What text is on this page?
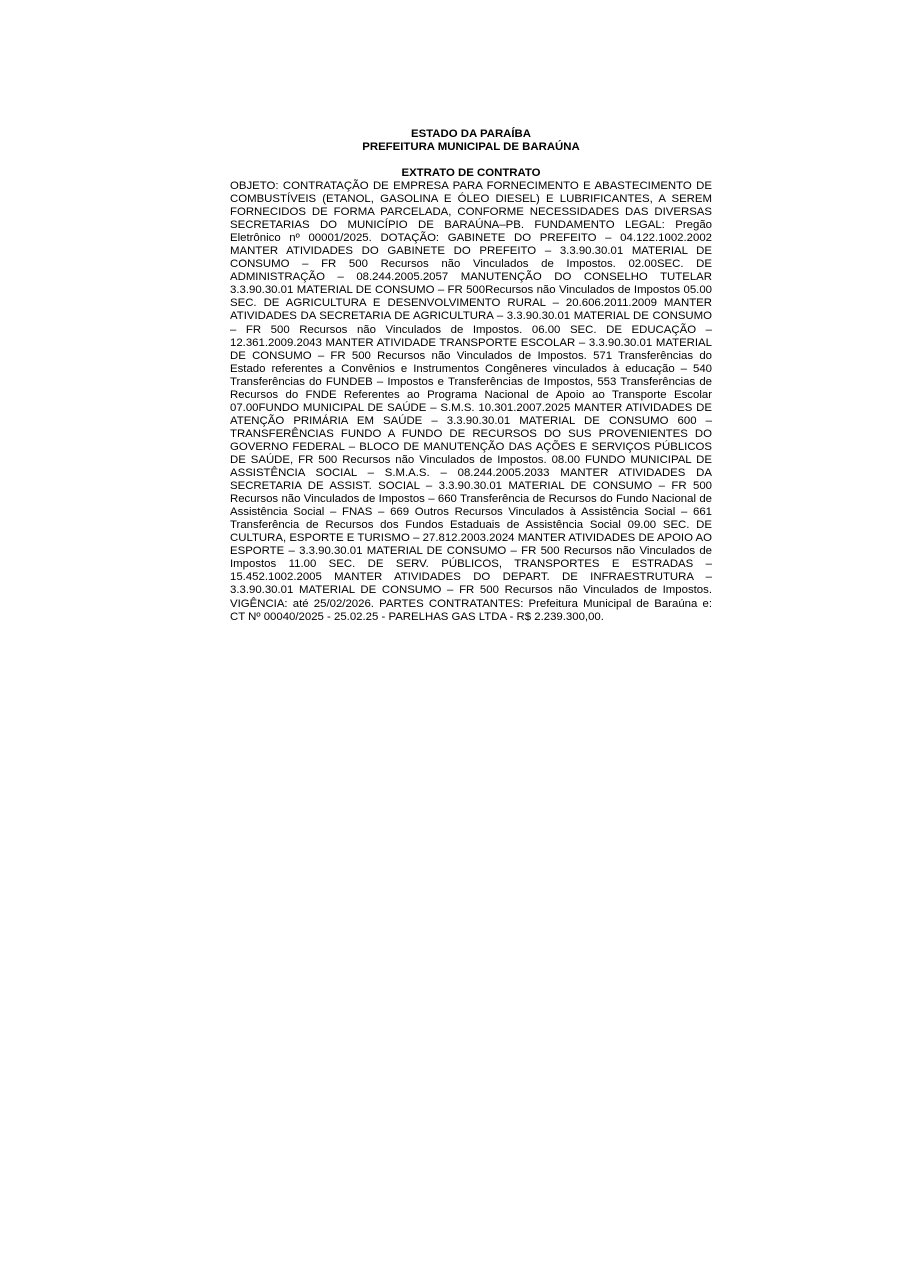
ESTADO DA PARAÍBA

PREFEITURA MUNICIPAL DE BARAÚNA

EXTRATO DE CONTRATO

OBJETO: CONTRATAÇÃO DE EMPRESA PARA FORNECIMENTO E ABASTECIMENTO DE COMBUSTÍVEIS (ETANOL, GASOLINA E ÓLEO DIESEL) E LUBRIFICANTES, A SEREM FORNECIDOS DE FORMA PARCELADA, CONFORME NECESSIDADES DAS DIVERSAS SECRETARIAS DO MUNICÍPIO DE BARAÚNA–PB. FUNDAMENTO LEGAL: Pregão Eletrônico nº 00001/2025. DOTAÇÃO: GABINETE DO PREFEITO – 04.122.1002.2002 MANTER ATIVIDADES DO GABINETE DO PREFEITO – 3.3.90.30.01 MATERIAL DE CONSUMO – FR 500 Recursos não Vinculados de Impostos. 02.00SEC. DE ADMINISTRAÇÃO – 08.244.2005.2057 MANUTENÇÃO DO CONSELHO TUTELAR 3.3.90.30.01 MATERIAL DE CONSUMO – FR 500Recursos não Vinculados de Impostos 05.00 SEC. DE AGRICULTURA E DESENVOLVIMENTO RURAL – 20.606.2011.2009 MANTER ATIVIDADES DA SECRETARIA DE AGRICULTURA – 3.3.90.30.01 MATERIAL DE CONSUMO – FR 500 Recursos não Vinculados de Impostos. 06.00 SEC. DE EDUCAÇÃO – 12.361.2009.2043 MANTER ATIVIDADE TRANSPORTE ESCOLAR – 3.3.90.30.01 MATERIAL DE CONSUMO – FR 500 Recursos não Vinculados de Impostos. 571 Transferências do Estado referentes a Convênios e Instrumentos Congêneres vinculados à educação – 540 Transferências do FUNDEB – Impostos e Transferências de Impostos, 553 Transferências de Recursos do FNDE Referentes ao Programa Nacional de Apoio ao Transporte Escolar 07.00FUNDO MUNICIPAL DE SAÚDE – S.M.S. 10.301.2007.2025 MANTER ATIVIDADES DE ATENÇÃO PRIMÁRIA EM SAÚDE – 3.3.90.30.01 MATERIAL DE CONSUMO 600 – TRANSFERÊNCIAS FUNDO A FUNDO DE RECURSOS DO SUS PROVENIENTES DO GOVERNO FEDERAL – BLOCO DE MANUTENÇÃO DAS AÇÕES E SERVIÇOS PÚBLICOS DE SAÚDE, FR 500 Recursos não Vinculados de Impostos. 08.00 FUNDO MUNICIPAL DE ASSISTÊNCIA SOCIAL – S.M.A.S. – 08.244.2005.2033 MANTER ATIVIDADES DA SECRETARIA DE ASSIST. SOCIAL – 3.3.90.30.01 MATERIAL DE CONSUMO – FR 500 Recursos não Vinculados de Impostos – 660 Transferência de Recursos do Fundo Nacional de Assistência Social – FNAS – 669 Outros Recursos Vinculados à Assistência Social – 661 Transferência de Recursos dos Fundos Estaduais de Assistência Social 09.00 SEC. DE CULTURA, ESPORTE E TURISMO – 27.812.2003.2024 MANTER ATIVIDADES DE APOIO AO ESPORTE – 3.3.90.30.01 MATERIAL DE CONSUMO – FR 500 Recursos não Vinculados de Impostos 11.00 SEC. DE SERV. PÚBLICOS, TRANSPORTES E ESTRADAS – 15.452.1002.2005 MANTER ATIVIDADES DO DEPART. DE INFRAESTRUTURA – 3.3.90.30.01 MATERIAL DE CONSUMO – FR 500 Recursos não Vinculados de Impostos. VIGÊNCIA: até 25/02/2026. PARTES CONTRATANTES: Prefeitura Municipal de Baraúna e: CT Nº 00040/2025 - 25.02.25 - PARELHAS GAS LTDA - R$ 2.239.300,00.
